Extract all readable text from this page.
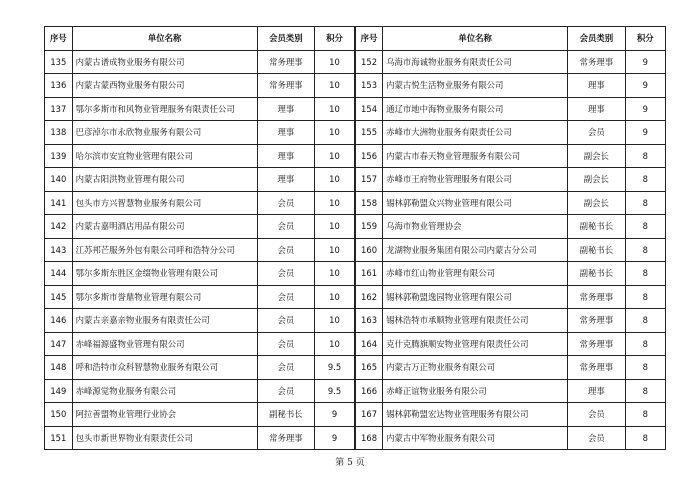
序号	单位名称	会员类别	积分	序号	单位名称	会员类别	积分
135	内蒙古谱成物业服务有限公司	常务理事	10	152	乌海市海诚物业服务有限责任公司	常务理事	9
136	内蒙古蒙西物业服务有限公司	常务理事	10	153	内蒙古悦生活物业服务有限公司	理事	9
137	鄂尔多斯市和风物业管理服务有限责任公司	理事	10	154	通辽市地中海物业服务有限公司	理事	9
138	巴彦淖尔市永欣物业服务有限公司	理事	10	155	赤峰市大洲物业服务有限责任公司	会员	9
139	哈尔滨市安宜物业管理有限公司	理事	10	156	内蒙古市春天物业管理服务有限公司	副会长	8
140	内蒙古阳洪物业管理有限公司	理事	10	157	赤峰市王府物业管理服务有限公司	副会长	8
141	包头市方兴智慧物业服务有限公司	会员	10	158	锡林郭勒盟众兴物业管理有限公司	副会长	8
142	内蒙古嘉明酒店用品有限公司	会员	10	159	乌海市物业管理协会	副秘书长	8
143	江苏邦芒服务外包有限公司呼和浩特分公司	会员	10	160	龙湖物业服务集团有限公司内蒙古分公司	副秘书长	8
144	鄂尔多斯东胜区金缀物业管理有限公司	会员	10	161	赤峰市红山物业管理有限公司	副秘书长	8
145	鄂尔多斯市誉鼎物业管理有限公司	会员	10	162	锡林郭勒盟逸园物业管理有限公司	常务理事	8
146	内蒙古亲嘉亲物业服务有限责任公司	会员	10	163	锡林浩特市承顺物业管理有限责任公司	常务理事	8
147	赤峰福源盛物业管理有限公司	会员	10	164	克什克腾旗顺安物业管理有限责任公司	常务理事	8
148	呼和浩特市众科智慧物业服务有限公司	会员	9.5	165	内蒙古万正物业服务有限公司	常务理事	8
149	赤峰源觉物业服务有限公司	会员	9.5	166	赤峰正谊物业服务有限公司	理事	8
150	阿拉善盟物业管理行业协会	副秘书长	9	167	锡林郭勒盟宏达物业管理服务有限公司	会员	8
151	包头市新世界物业有限责任公司	常务理事	9	168	内蒙古中军物业服务有限公司	会员	8
第 5 页
